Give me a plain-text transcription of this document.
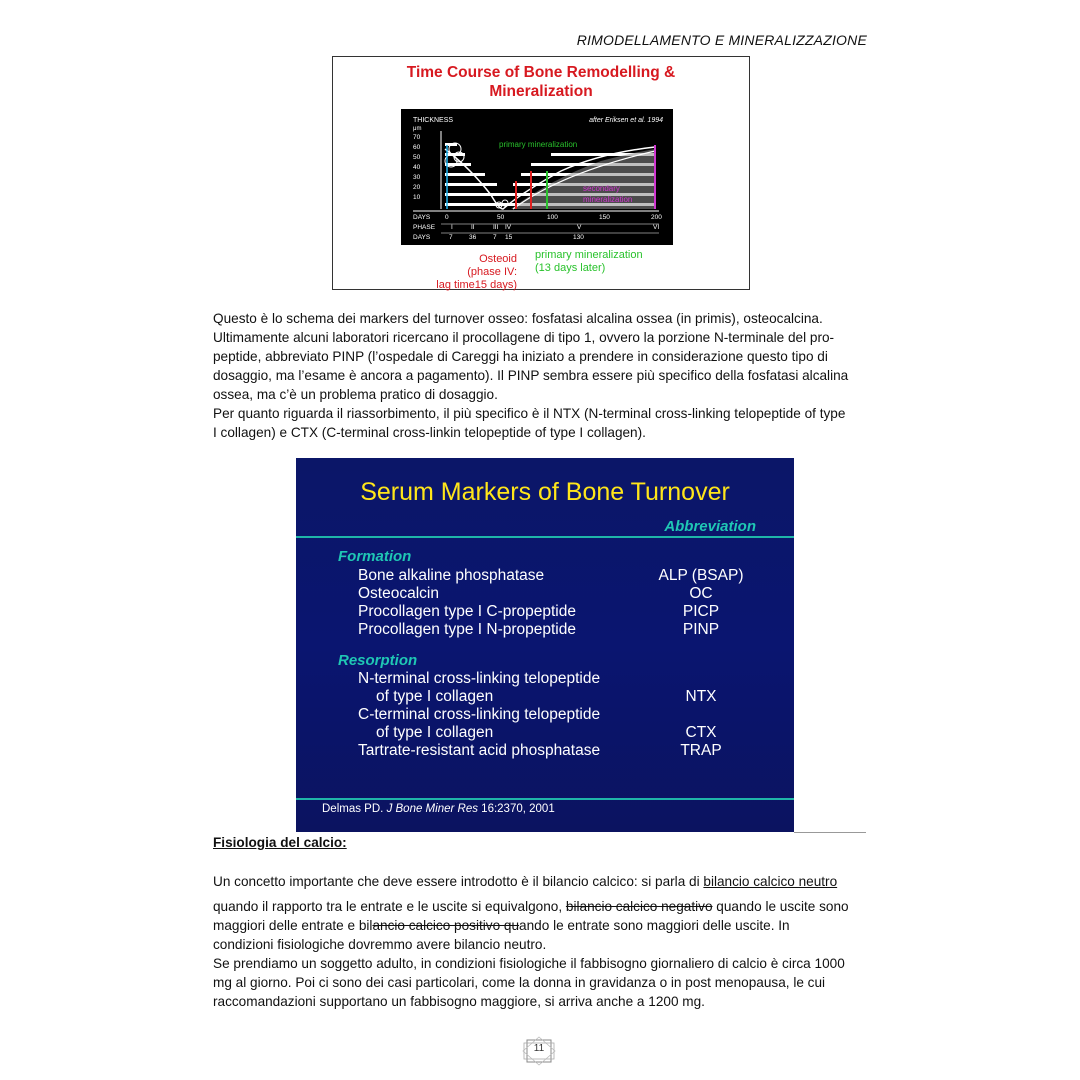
RIMODELLAMENTO E MINERALIZZAZIONE
Time Course of Bone Remodelling &
Mineralization
THICKNESS
μm
after Eriksen et al. 1994
70
60
50
40
30
20
10
primary mineralization
secondary
mineralization
DAYS 0	50	100	150	200
PHASE I	II	III IV	V	VI
DAYS	7	36	7 15	130
Osteoid
(phase IV:
lag time15 days)
primary mineralization
(13 days later)
Questo è lo schema dei markers del turnover osseo: fosfatasi alcalina ossea (in primis), osteocalcina.
Ultimamente alcuni laboratori ricercano il procollagene di tipo 1, ovvero la porzione N-terminale del pro-
peptide, abbreviato PINP (l’ospedale di Careggi ha iniziato a prendere in considerazione questo tipo di
dosaggio, ma l’esame è ancora a pagamento). Il PINP sembra essere più specifico della fosfatasi alcalina
ossea, ma c’è un problema pratico di dosaggio.
Per quanto riguarda il riassorbimento, il più specifico è il NTX (N-terminal cross-linking telopeptide of type
I collagen) e CTX (C-terminal cross-linkin telopeptide of type I collagen).
Serum Markers of Bone Turnover
Abbreviation
Formation
Bone alkaline phosphatase	ALP (BSAP)
Osteocalcin	OC
Procollagen type I C-propeptide	PICP
Procollagen type I N-propeptide	PINP
Resorption
N-terminal cross-linking telopeptide
of type I collagen	NTX
C-terminal cross-linking telopeptide
of type I collagen	CTX
Tartrate-resistant acid phosphatase	TRAP
Delmas PD. J Bone Miner Res 16:2370, 2001
Fisiologia del calcio:
Un concetto importante che deve essere introdotto è il bilancio calcico: si parla di bilancio calcico neutro
quando il rapporto tra le entrate e le uscite si equivalgono, bilancio calcico negativo quando le uscite sono
maggiori delle entrate e bilancio calcico positivo quando le entrate sono maggiori delle uscite. In
condizioni fisiologiche dovremmo avere bilancio neutro.
Se prendiamo un soggetto adulto, in condizioni fisiologiche il fabbisogno giornaliero di calcio è circa 1000
mg al giorno. Poi ci sono dei casi particolari, come la donna in gravidanza o in post menopausa, le cui
raccomandazioni supportano un fabbisogno maggiore, si arriva anche a 1200 mg.
11
